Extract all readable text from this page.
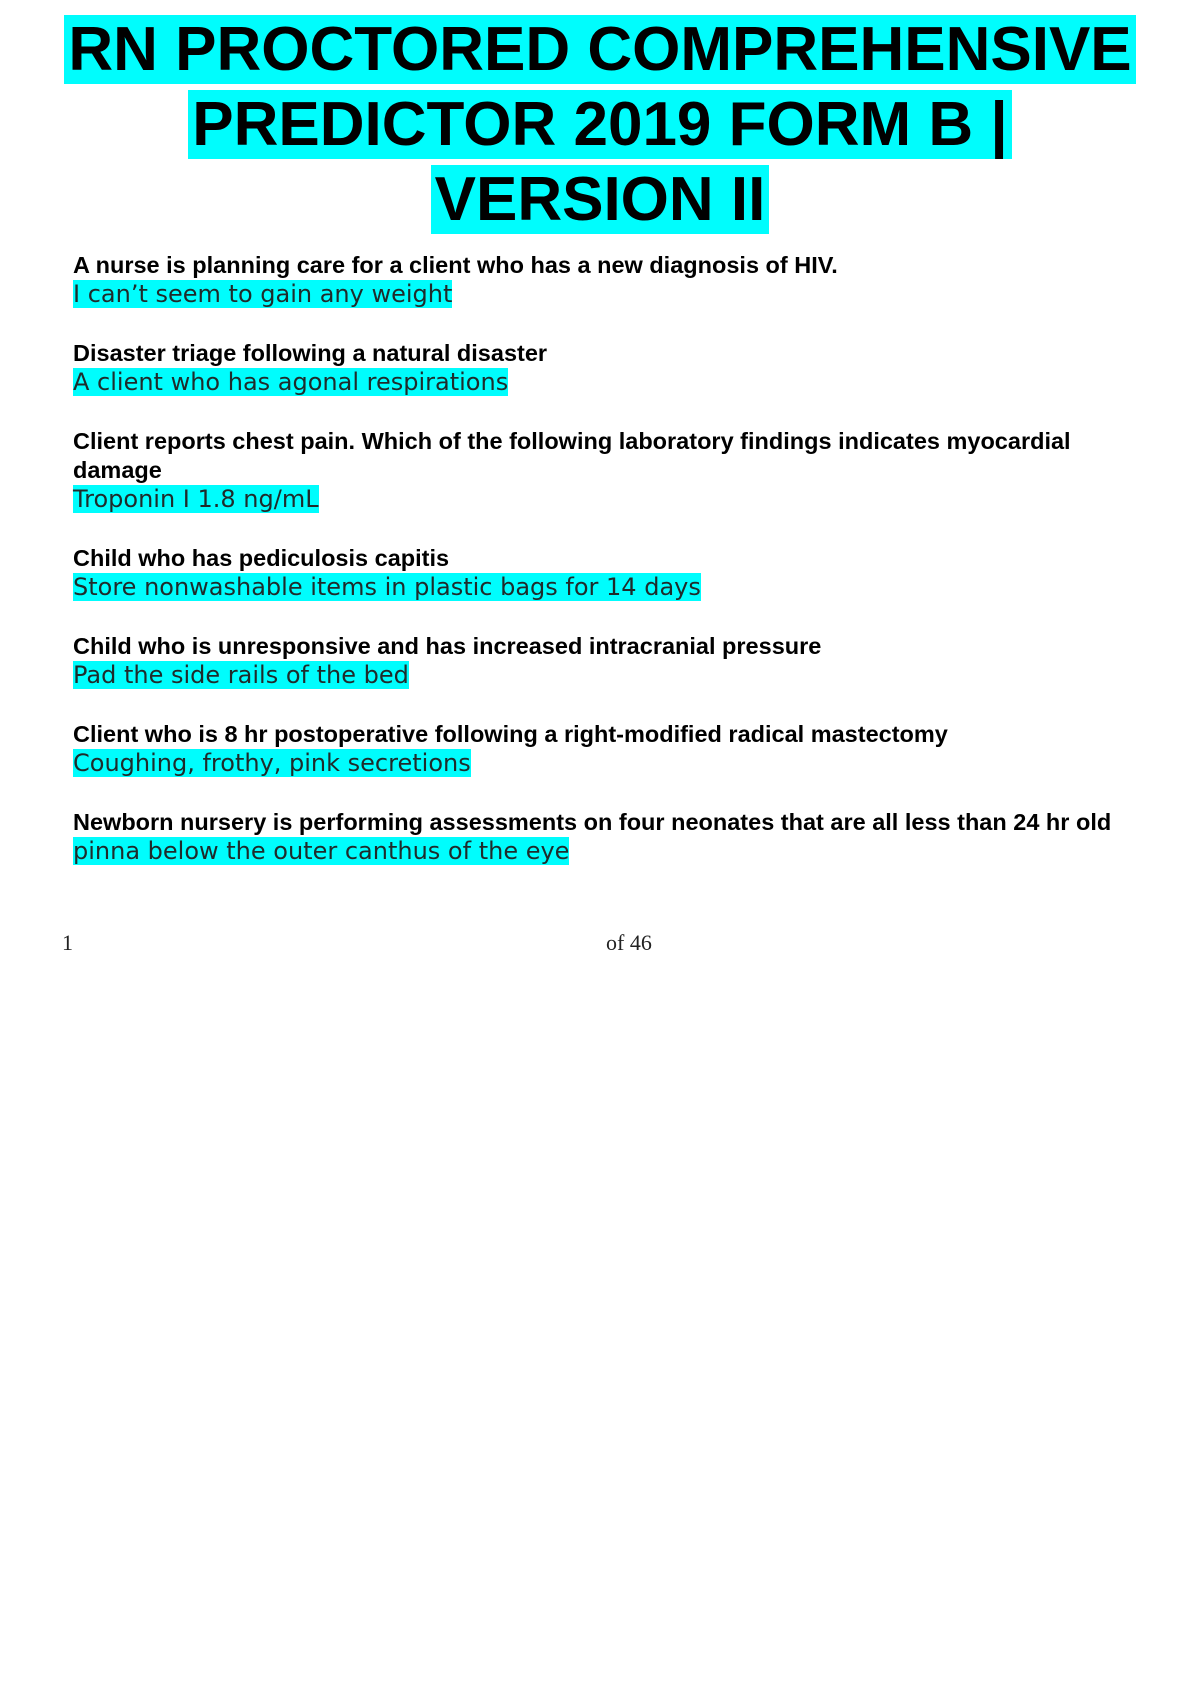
RN PROCTORED COMPREHENSIVE
PREDICTOR 2019 FORM B |
VERSION II

A nurse is planning care for a client who has a new diagnosis of HIV.

I can’t seem to gain any weight

Disaster triage following a natural disaster

A client who has agonal respirations

Client reports chest pain. Which of the following laboratory findings indicates myocardial damage

Troponin I 1.8 ng/mL

Child who has pediculosis capitis

Store nonwashable items in plastic bags for 14 days

Child who is unresponsive and has increased intracranial pressure

Pad the side rails of the bed

Client who is 8 hr postoperative following a right-modified radical mastectomy

Coughing, frothy, pink secretions

Newborn nursery is performing assessments on four neonates that are all less than 24 hr old

pinna below the outer canthus of the eye

1	of 46
